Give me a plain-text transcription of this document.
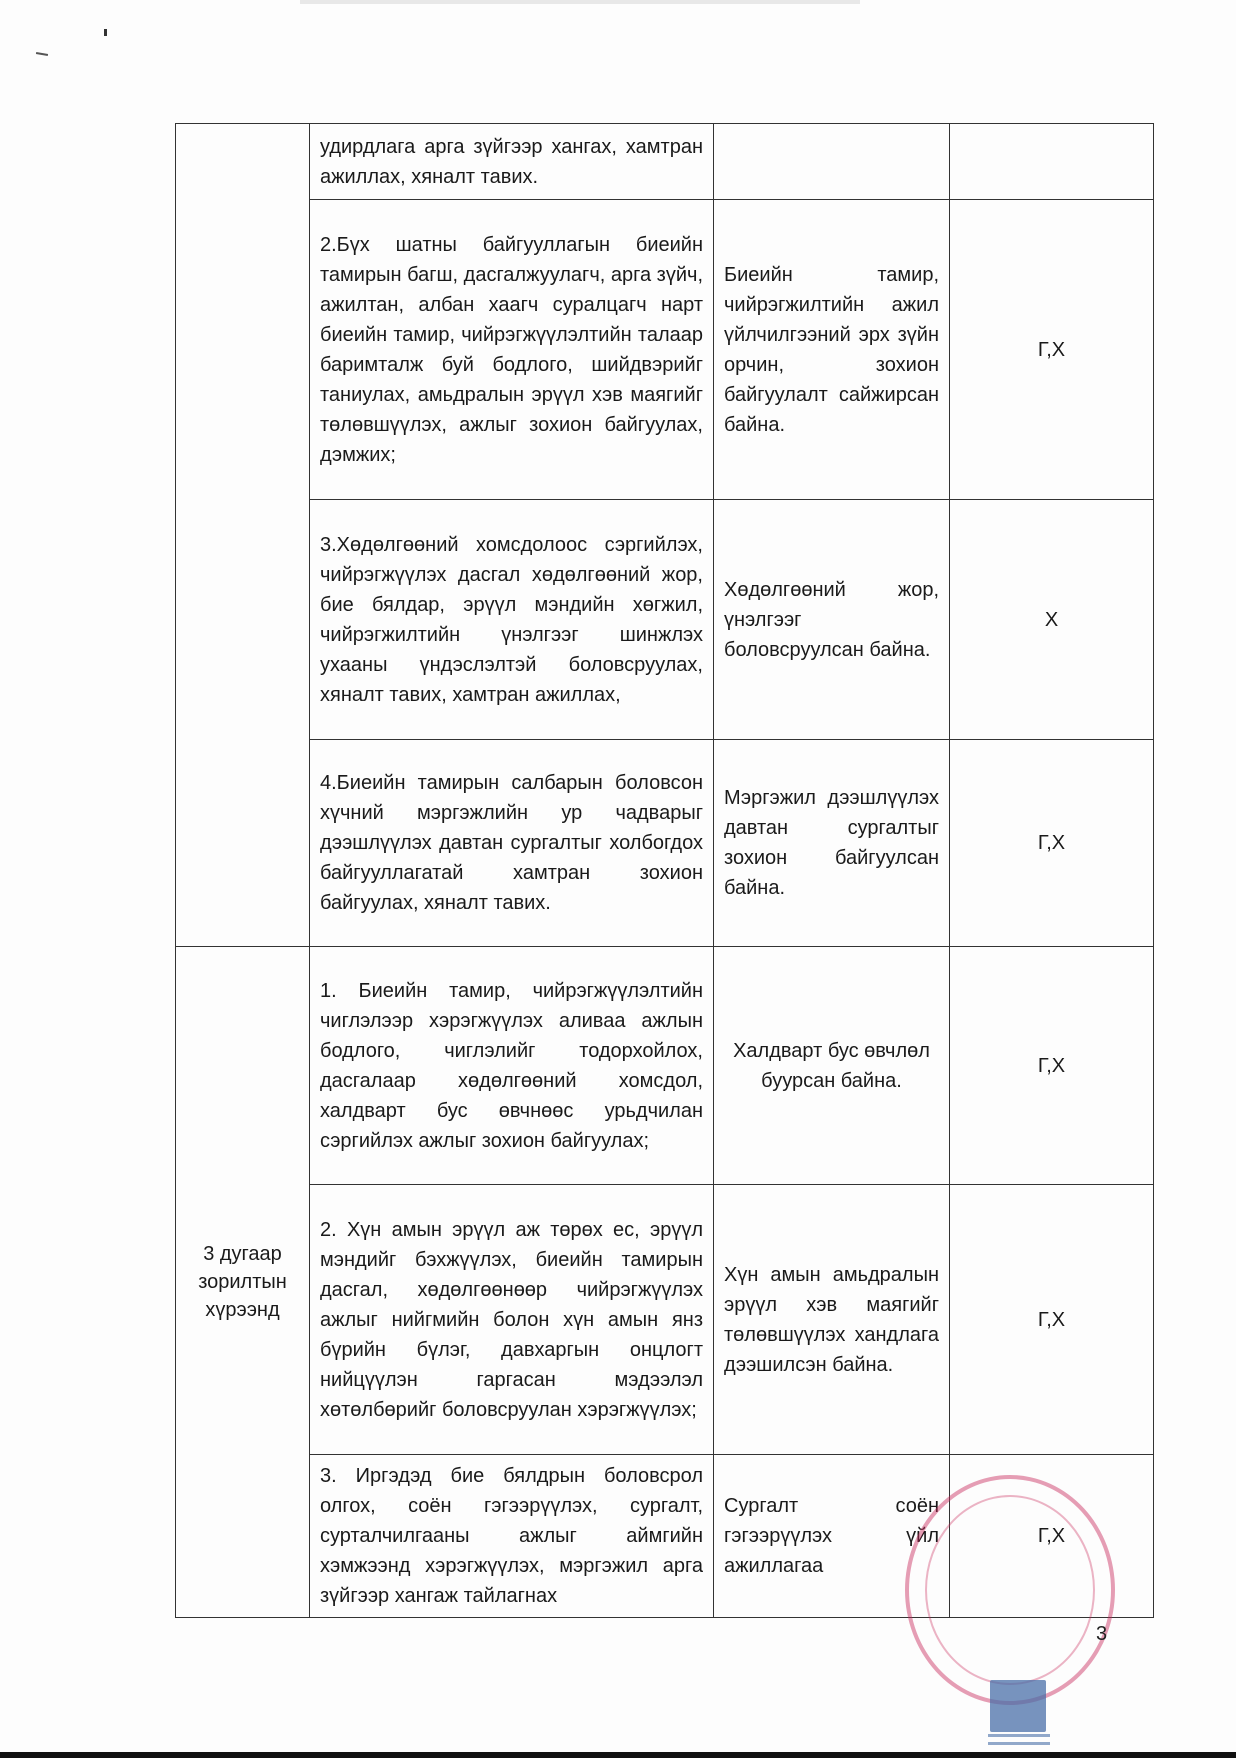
	удирдлага арга зүйгээр хангах, хамтран ажиллах, хяналт тавих.		
	2.Бүх шатны байгууллагын биеийн тамирын багш, дасгалжуулагч, арга зүйч, ажилтан, албан хаагч суралцагч нарт биеийн тамир, чийрэгжүүлэлтийн талаар баримталж буй бодлого, шийдвэрийг таниулах, амьдралын эрүүл хэв маягийг төлөвшүүлэх, ажлыг зохион байгуулах, дэмжих;	Биеийн тамир, чийрэгжилтийн ажил үйлчилгээний эрх зүйн орчин, зохион байгуулалт сайжирсан байна.	Г,Х
	3.Хөдөлгөөний хомсдолоос сэргийлэх, чийрэгжүүлэх дасгал хөдөлгөөний жор, бие бялдар, эрүүл мэндийн хөгжил, чийрэгжилтийн үнэлгээг шинжлэх ухааны үндэслэлтэй боловсруулах, хяналт тавих, хамтран ажиллах,	Хөдөлгөөний жор, үнэлгээг боловсруулсан байна.	Х
	4.Биеийн тамирын салбарын боловсон хүчний мэргэжлийн ур чадварыг дээшлүүлэх давтан сургалтыг холбогдох байгууллагатай хамтран зохион байгуулах, хяналт тавих.	Мэргэжил дээшлүүлэх давтан сургалтыг зохион байгуулсан байна.	Г,Х

3 дугаар зорилтын хүрээнд	1. Биеийн тамир, чийрэгжүүлэлтийн чиглэлээр хэрэгжүүлэх аливаа ажлын бодлого, чиглэлийг тодорхойлох, дасгалаар хөдөлгөөний хомсдол, халдварт бус өвчнөөс урьдчилан сэргийлэх ажлыг зохион байгуулах;	Халдварт бус өвчлөл буурсан байна.	Г,Х
	2. Хүн амын эрүүл аж төрөх ес, эрүүл мэндийг бэхжүүлэх, биеийн тамирын дасгал, хөдөлгөөнөөр чийрэгжүүлэх ажлыг нийгмийн болон хүн амын янз бүрийн бүлэг, давхаргын онцлогт нийцүүлэн гаргасан мэдээлэл хөтөлбөрийг боловсруулан хэрэгжүүлэх;	Хүн амын амьдралын эрүүл хэв маягийг төлөвшүүлэх хандлага дээшилсэн байна.	Г,Х
	3. Иргэдэд бие бялдрын боловсрол олгох, соён гэгээрүүлэх, сургалт, сурталчилгааны ажлыг аймгийн хэмжээнд хэрэгжүүлэх, мэргэжил арга зүйгээр хангаж тайлагнах	Сургалт соён гэгээрүүлэх үйл ажиллагаа	Г,Х
3
